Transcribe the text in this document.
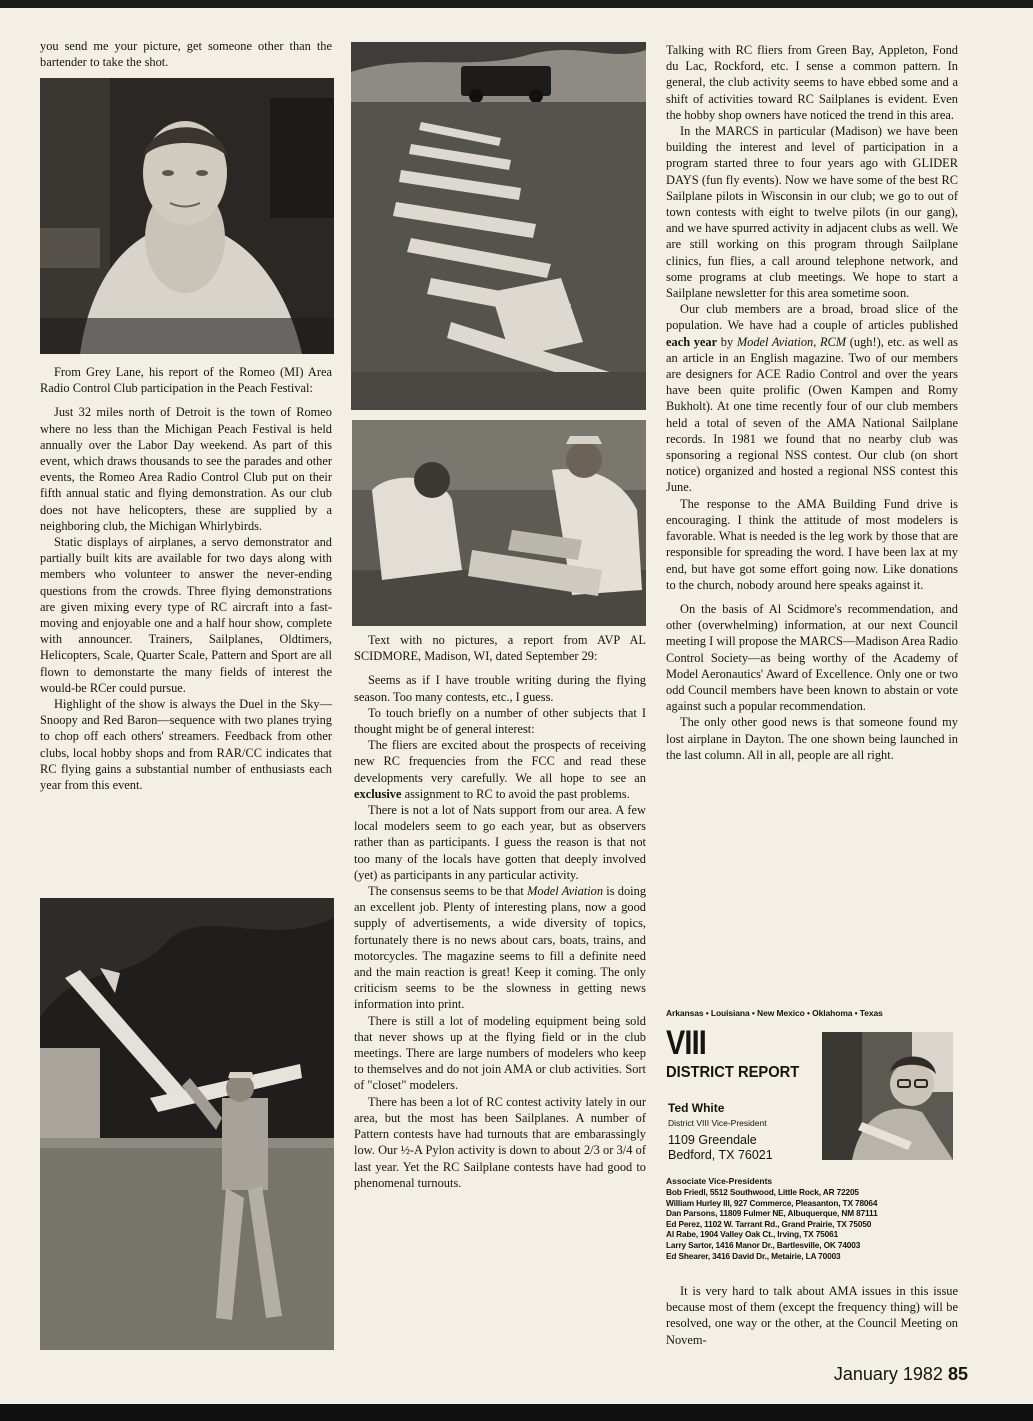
you send me your picture, get someone other than the bartender to take the shot.

From Grey Lane, his report of the Romeo (MI) Area Radio Control Club participation in the Peach Festival:

Just 32 miles north of Detroit is the town of Romeo where no less than the Michigan Peach Festival is held annually over the Labor Day weekend. As part of this event, which draws thousands to see the parades and other events, the Romeo Area Radio Control Club put on their fifth annual static and flying demonstration. As our club does not have helicopters, these are supplied by a neighboring club, the Michigan Whirlybirds.

Static displays of airplanes, a servo demonstrator and partially built kits are available for two days along with members who volunteer to answer the never-ending questions from the crowds. Three flying demonstrations are given mixing every type of RC aircraft into a fast-moving and enjoyable one and a half hour show, complete with announcer. Trainers, Sailplanes, Oldtimers, Helicopters, Scale, Quarter Scale, Pattern and Sport are all flown to demonstarte the many fields of interest the would-be RCer could pursue.

Highlight of the show is always the Duel in the Sky—Snoopy and Red Baron—sequence with two planes trying to chop off each others' streamers. Feedback from other clubs, local hobby shops and from RAR/CC indicates that RC flying gains a substantial number of enthusiasts each year from this event.

Text with no pictures, a report from AVP AL SCIDMORE, Madison, WI, dated September 29:

Seems as if I have trouble writing during the flying season. Too many contests, etc., I guess.

To touch briefly on a number of other subjects that I thought might be of general interest:

The fliers are excited about the prospects of receiving new RC frequencies from the FCC and read these developments very carefully. We all hope to see an exclusive assignment to RC to avoid the past problems.

There is not a lot of Nats support from our area. A few local modelers seem to go each year, but as observers rather than as participants. I guess the reason is that not too many of the locals have gotten that deeply involved (yet) as participants in any particular activity.

The consensus seems to be that Model Aviation is doing an excellent job. Plenty of interesting plans, now a good supply of advertisements, a wide diversity of topics, fortunately there is no news about cars, boats, trains, and motorcycles. The magazine seems to fill a definite need and the main reaction is great! Keep it coming. The only criticism seems to be the slowness in getting news information into print.

There is still a lot of modeling equipment being sold that never shows up at the flying field or in the club meetings. There are large numbers of modelers who keep to themselves and do not join AMA or club activities. Sort of "closet" modelers.

There has been a lot of RC contest activity lately in our area, but the most has been Sailplanes. A number of Pattern contests have had turnouts that are embarassingly low. Our ½-A Pylon activity is down to about 2/3 or 3/4 of last year. Yet the RC Sailplane contests have had good to phenomenal turnouts.

Talking with RC fliers from Green Bay, Appleton, Fond du Lac, Rockford, etc. I sense a common pattern. In general, the club activity seems to have ebbed some and a shift of activities toward RC Sailplanes is evident. Even the hobby shop owners have noticed the trend in this area.

In the MARCS in particular (Madison) we have been building the interest and level of participation in a program started three to four years ago with GLIDER DAYS (fun fly events). Now we have some of the best RC Sailplane pilots in Wisconsin in our club; we go to out of town contests with eight to twelve pilots (in our gang), and we have spurred activity in adjacent clubs as well. We are still working on this program through Sailplane clinics, fun flies, a call around telephone network, and some programs at club meetings. We hope to start a Sailplane newsletter for this area sometime soon.

Our club members are a broad, broad slice of the population. We have had a couple of articles published each year by Model Aviation, RCM (ugh!), etc. as well as an article in an English magazine. Two of our members are designers for ACE Radio Control and over the years have been quite prolific (Owen Kampen and Romy Bukholt). At one time recently four of our club members held a total of seven of the AMA National Sailplane records. In 1981 we found that no nearby club was sponsoring a regional NSS contest. Our club (on short notice) organized and hosted a regional NSS contest this June.

The response to the AMA Building Fund drive is encouraging. I think the attitude of most modelers is favorable. What is needed is the leg work by those that are responsible for spreading the word. I have been lax at my end, but have got some effort going now. Like donations to the church, nobody around here speaks against it.

On the basis of Al Scidmore's recommendation, and other (overwhelming) information, at our next Council meeting I will propose the MARCS—Madison Area Radio Control Society—as being worthy of the Academy of Model Aeronautics' Award of Excellence. Only one or two odd Council members have been known to abstain or vote against such a popular recommendation.

The only other good news is that someone found my lost airplane in Dayton. The one shown being launched in the last column. All in all, people are all right.

Arkansas • Louisiana • New Mexico • Oklahoma • Texas
VIII
DISTRICT REPORT
Ted White
District VIII Vice-President
1109 Greendale
Bedford, TX 76021
Associate Vice-Presidents
Bob Friedl, 5512 Southwood, Little Rock, AR 72205
William Hurley III, 927 Commerce, Pleasanton, TX 78064
Dan Parsons, 11809 Fulmer NE, Albuquerque, NM 87111
Ed Perez, 1102 W. Tarrant Rd., Grand Prairie, TX 75050
Al Rabe, 1904 Valley Oak Ct., Irving, TX 75061
Larry Sartor, 1416 Manor Dr., Bartlesville, OK 74003
Ed Shearer, 3416 David Dr., Metairie, LA 70003

It is very hard to talk about AMA issues in this issue because most of them (except the frequency thing) will be resolved, one way or the other, at the Council Meeting on Novem-

January 1982 85
